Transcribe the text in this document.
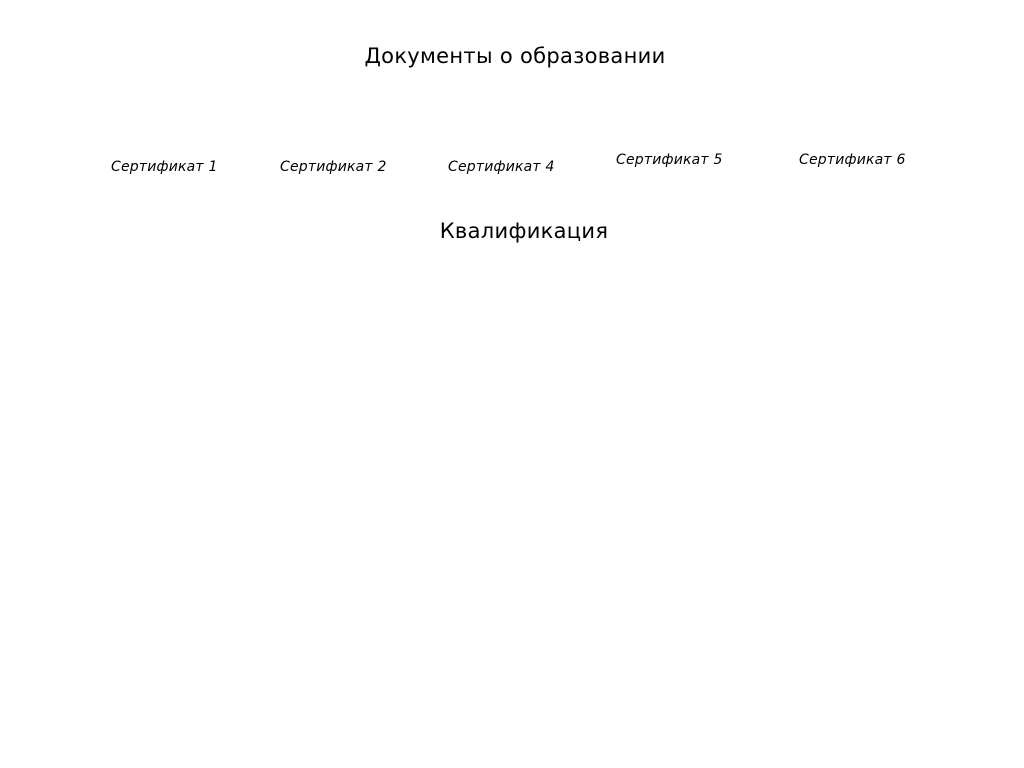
Документы о образовании
Сертификат 1	Сертификат 2	Сертификат 4	Сертификат 5	Сертификат 6
Квалификация
